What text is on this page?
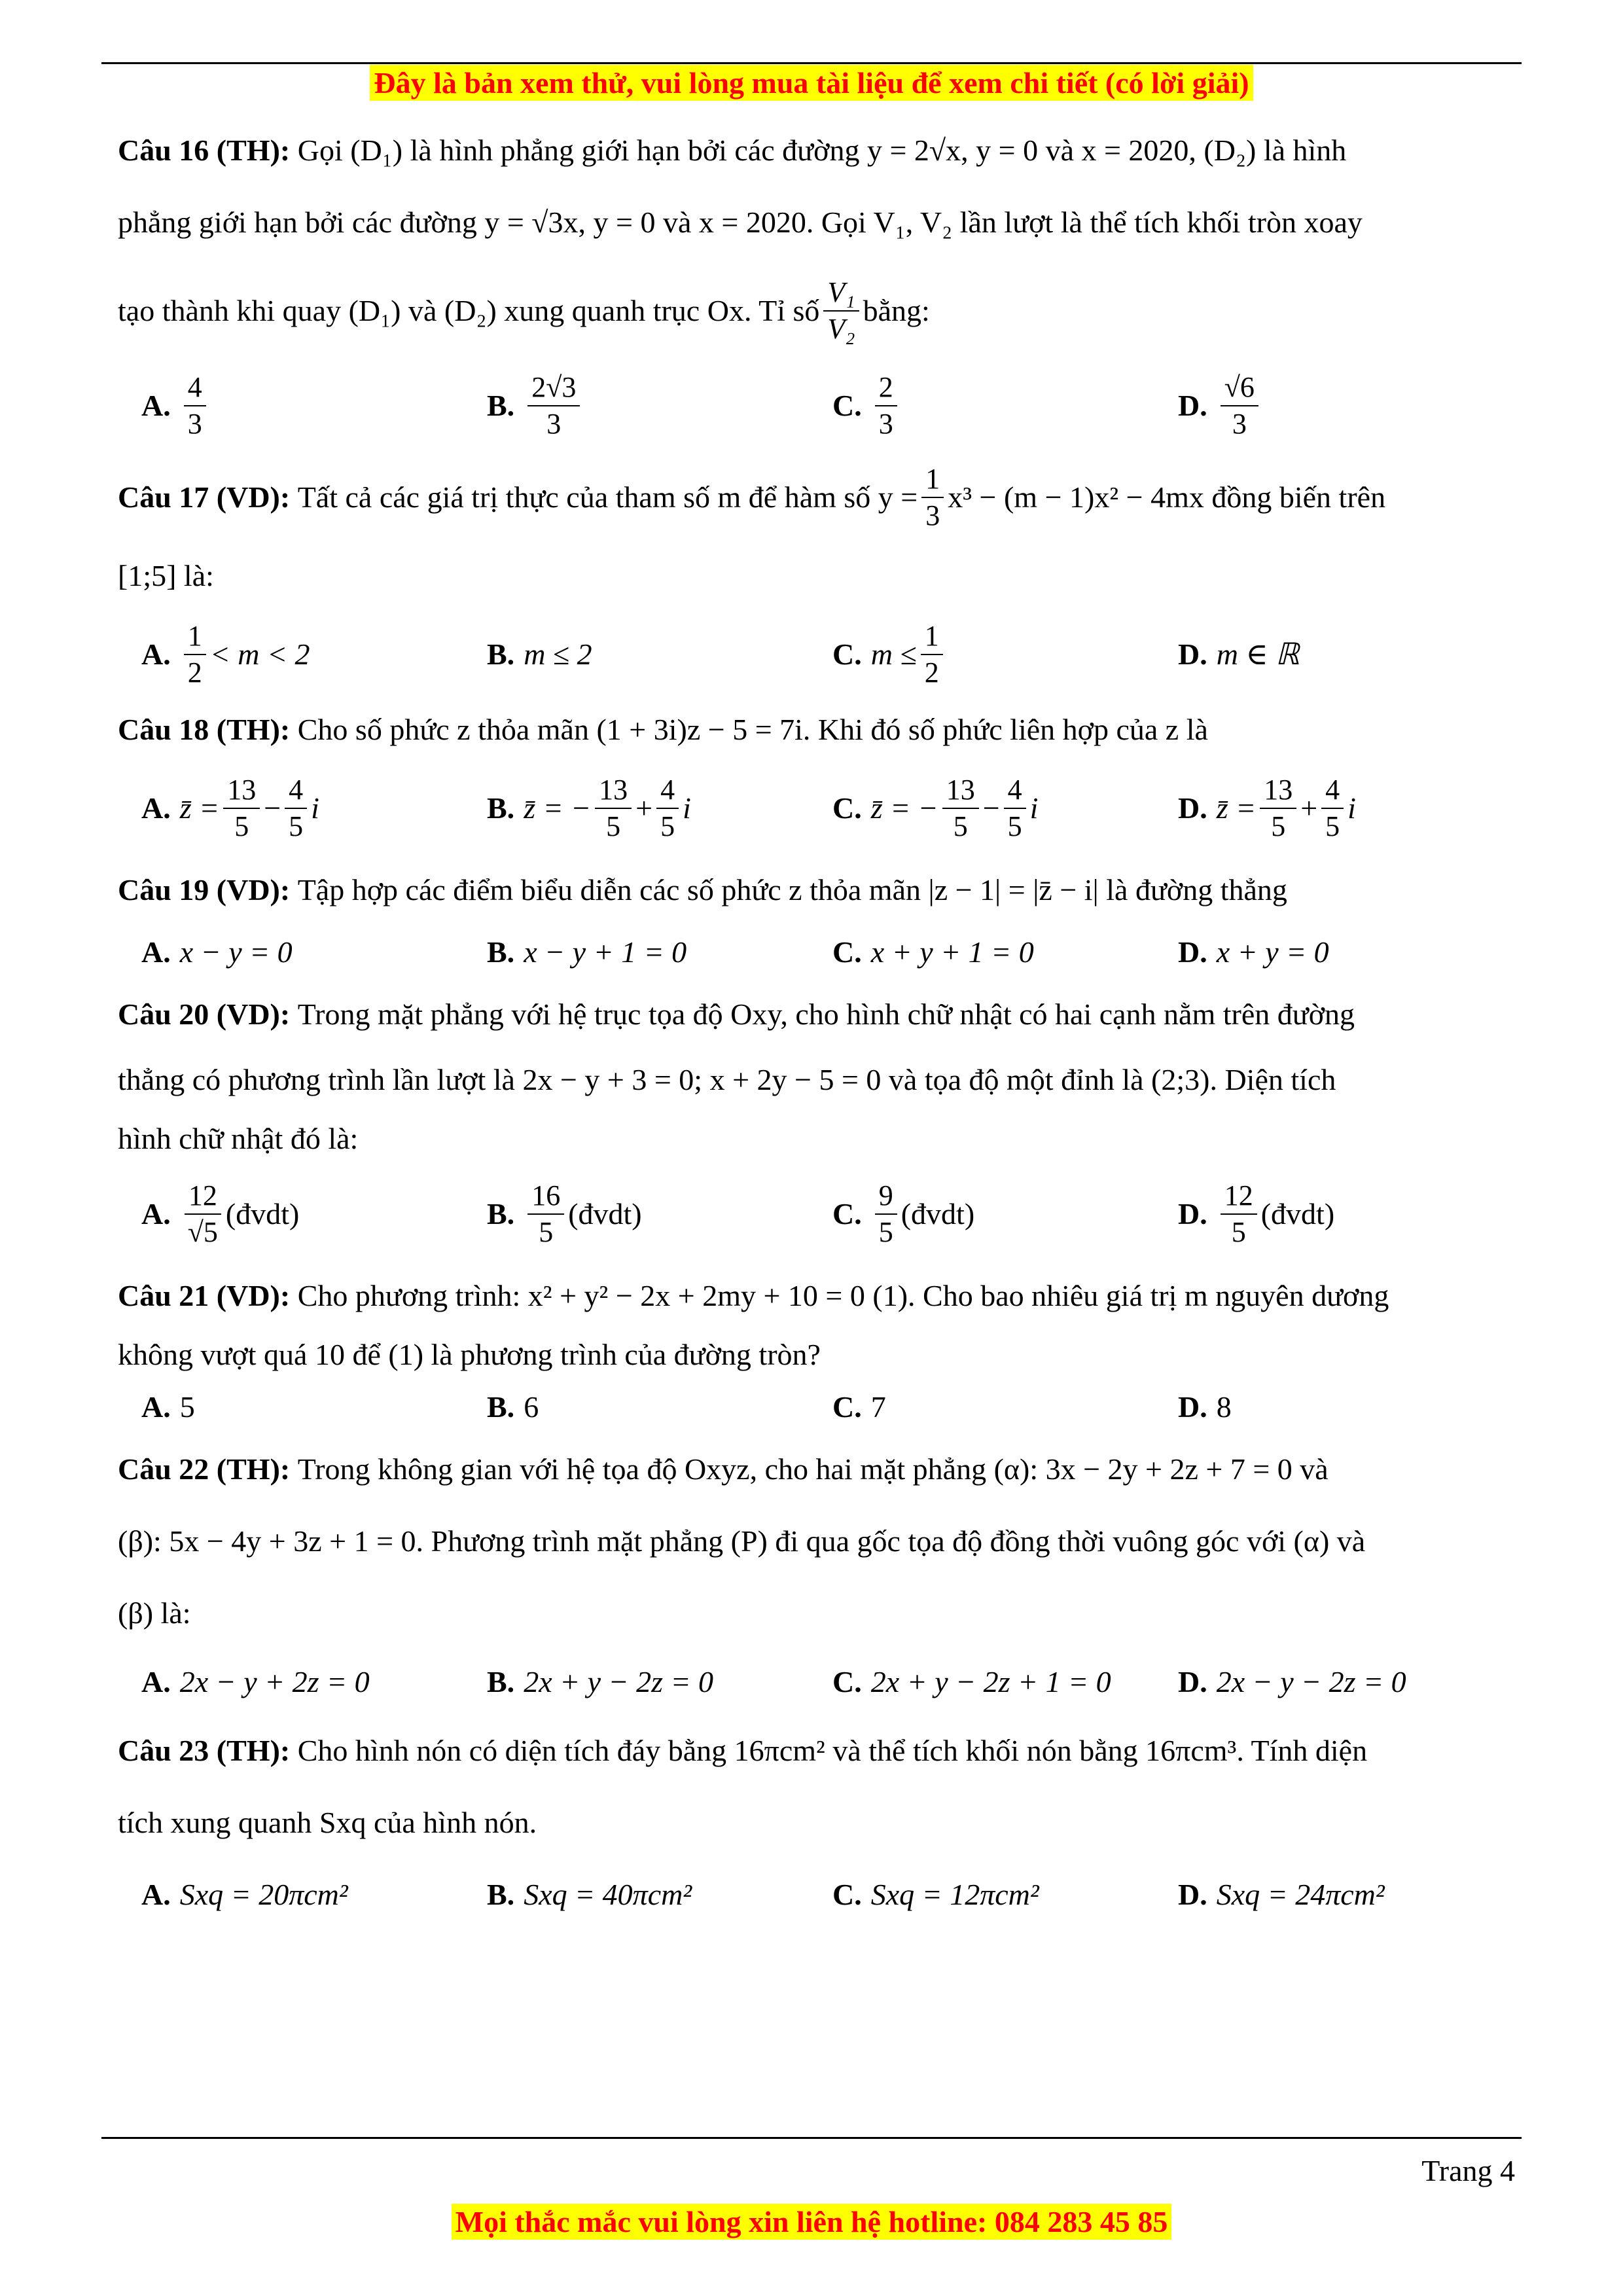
Đây là bản xem thử, vui lòng mua tài liệu để xem chi tiết (có lời giải)
Câu 16 (TH): Gọi (D₁) là hình phẳng giới hạn bởi các đường y = 2√x, y = 0 và x = 2020, (D₂) là hình
phẳng giới hạn bởi các đường y = √3x, y = 0 và x = 2020. Gọi V₁, V₂ lần lượt là thể tích khối tròn xoay
tạo thành khi quay (D₁) và (D₂) xung quanh trục Ox. Tỉ số $\frac{\text{V₁}}{\text{V₂}}$ bằng:
A. $\frac{4}{3}$	B. $\frac{2√3}{3}$	C. $\frac{2}{3}$	D. $\frac{√6}{3}$
Câu 17 (VD):
Tất cả các giá trị thực của tham số m để hàm số $y = \frac{1}{3} x^3 - (m - 1)x^2 - 4mx$ đồng biến trên
[1;5] là:
A. $\frac{1}{2} < m < 2$	B. m ≤ 2	C. $m \le \frac{1}{2}$	D. m ∈ ℝ
Câu 18 (TH):
Cho số phức z thỏa mãn (1 + 3i)z − 5 = 7i. Khi đó số phức liên hợp của z là
A. z̄ = $\frac{13}{5} - \frac{4}{5}$ i	B. z̄ = − $\frac{13}{5} + \frac{4}{5}$ i	C. z̄ = − $\frac{13}{5} - \frac{4}{5}$ i	D. z̄ = $\frac{13}{5} + \frac{4}{5}$ i
Câu 19 (VD):
Tập hợp các điểm biểu diễn các số phức z thỏa mãn |z − 1| = |z̄ − i| là đường thẳng
A. x − y = 0	B. x − y + 1 = 0	C. x + y + 1 = 0	D. x + y = 0
Câu 20 (VD):
Trong mặt phẳng với hệ trục tọa độ Oxy, cho hình chữ nhật có hai cạnh nằm trên đường
thẳng có phương trình lần lượt là 2x − y + 3 = 0; x + 2y − 5 = 0 và tọa độ một đỉnh là (2;3). Diện tích
hình chữ nhật đó là:
A. $\frac{12}{√5}$ (đvdt)	B. $\frac{16}{5}$ (đvdt)	C. $\frac{9}{5}$ (đvdt)	D. $\frac{12}{5}$ (đvdt)
Câu 21 (VD):
Cho phương trình: x² + y² − 2x + 2my + 10 = 0 (1). Cho bao nhiêu giá trị m nguyên dương
không vượt quá 10 để (1) là phương trình của đường tròn?
A. 5	B. 6	C. 7	D. 8
Câu 22 (TH):
Trong không gian với hệ tọa độ Oxyz, cho hai mặt phẳng (α): 3x − 2y + 2z + 7 = 0 và
(β): 5x − 4y + 3z + 1 = 0. Phương trình mặt phẳng (P) đi qua gốc tọa độ đồng thời vuông góc với (α) và
(β) là:
A. 2x − y + 2z = 0	B. 2x + y − 2z = 0	C. 2x + y − 2z + 1 = 0 D. 2x − y − 2z = 0
Câu 23 (TH):
Cho hình nón có diện tích đáy bằng 16πcm² và thể tích khối nón bằng 16πcm³. Tính diện
tích xung quanh Sxq của hình nón.
A. Sxq = 20πcm²	B. Sxq = 40πcm²	C. Sxq = 12πcm²	D. Sxq = 24πcm²
Trang 4
Mọi thắc mắc vui lòng xin liên hệ hotline: 084 283 45 85
